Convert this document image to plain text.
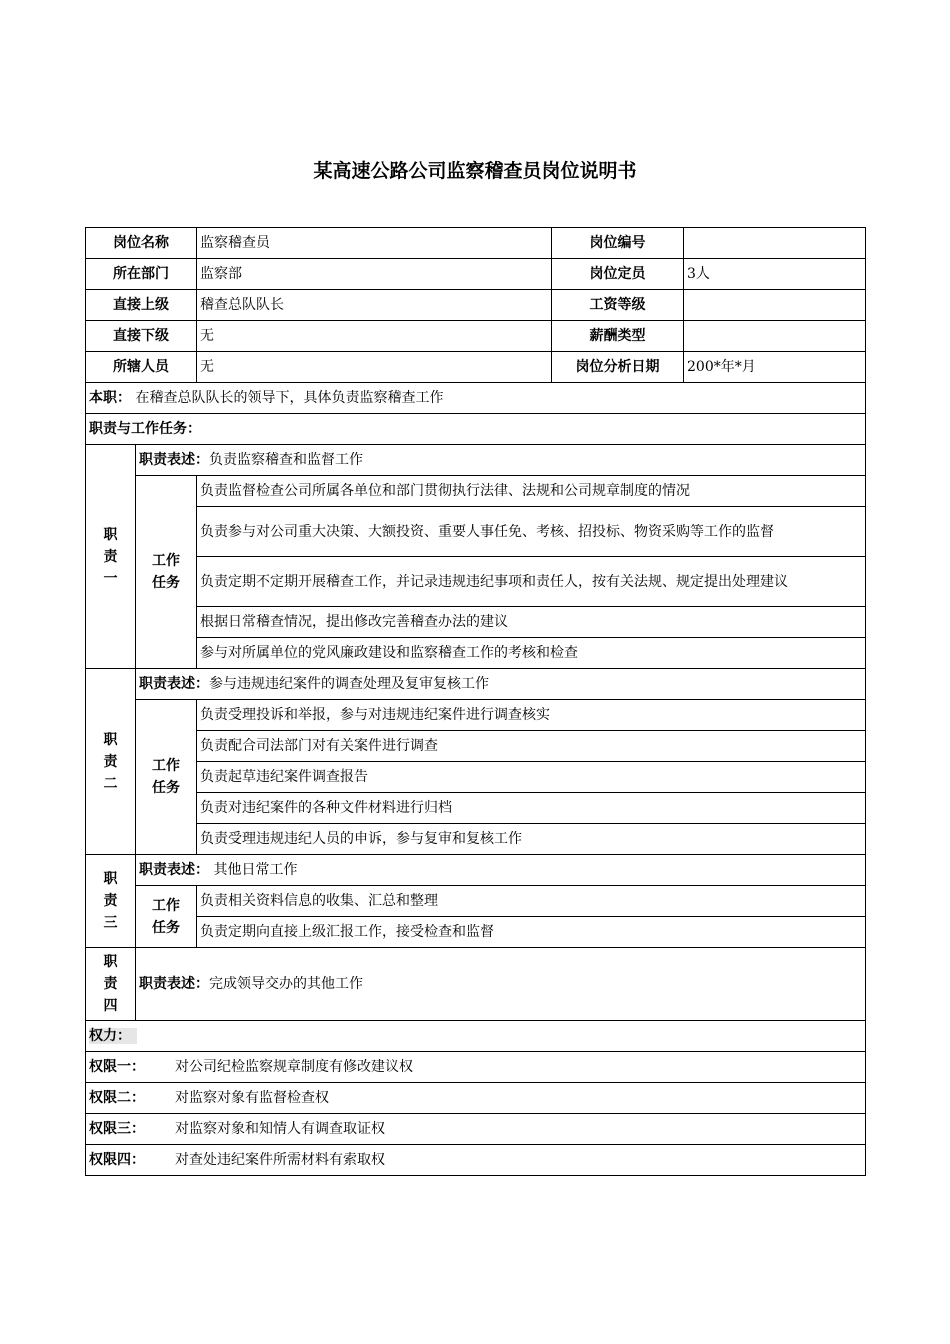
某高速公路公司监察稽查员岗位说明书
岗位名称		监察稽查员	岗位编号	
所在部门		监察部	岗位定员	3人
直接上级		稽查总队队长	工资等级	
直接下级		无	薪酬类型	
所辖人员		无	岗位分析日期	200*年*月
本职： 在稽查总队队长的领导下，具体负责监察稽查工作				
职责与工作任务：				
职
责
一	职责表述：负责监察稽查和监督工作			
	工作
任务	负责监督检查公司所属各单位和部门贯彻执行法律、法规和公司规章制度的情况		
		负责参与对公司重大决策、大额投资、重要人事任免、考核、招投标、物资采购等工作的监督		
		负责定期不定期开展稽查工作，并记录违规违纪事项和责任人，按有关法规、规定提出处理建议		
		根据日常稽查情况，提出修改完善稽查办法的建议		
		参与对所属单位的党风廉政建设和监察稽查工作的考核和检查		
职
责
二	职责表述：参与违规违纪案件的调查处理及复审复核工作			
	工作
任务	负责受理投诉和举报，参与对违规违纪案件进行调查核实		
		负责配合司法部门对有关案件进行调查		
		负责起草违纪案件调查报告		
		负责对违纪案件的各种文件材料进行归档		
		负责受理违规违纪人员的申诉，参与复审和复核工作		
职
责
三	职责表述： 其他日常工作			
	工作
任务	负责相关资料信息的收集、汇总和整理		
		负责定期向直接上级汇报工作，接受检查和监督		
职
责
四	职责表述：完成领导交办的其他工作			
权力：				
权限一： 对公司纪检监察规章制度有修改建议权				
权限二： 对监察对象有监督检查权				
权限三： 对监察对象和知情人有调查取证权				
权限四： 对查处违纪案件所需材料有索取权				
